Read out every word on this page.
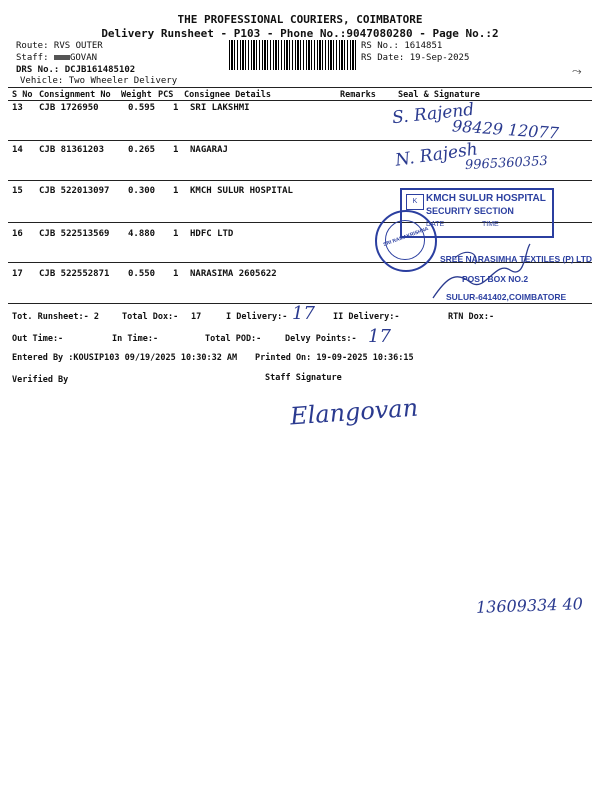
THE PROFESSIONAL COURIERS, COIMBATORE
Delivery Runsheet - P103 - Phone No.:9047080280 - Page No.:2
Route: RVS OUTER
Staff: GOVAN
DRS No.: DCJB161485102
Vehicle: Two Wheeler Delivery
RS No.: 1614851
RS Date: 19-Sep-2025
⤳
S No Consignment No Weight PCS Consignee Details	Remarks	Seal & Signature
13 CJB 1726950	0.595 1 SRI LAKSHMI
14 CJB 81361203	0.265 1 NAGARAJ
15 CJB 522013097 0.300 1 KMCH SULUR HOSPITAL
16 CJB 522513569 4.880 1 HDFC LTD
17 CJB 522552871 0.550 1 NARASIMA 2605622
S. Rajend
98429 12077
N. Rajesh
9965360353
K KMCH SULUR HOSPITAL
SECURITY SECTION
DATE	TIME
SRI RAMAKRISHNA
SREE NARASIMHA TEXTILES (P) LTD
POST BOX NO.2
SULUR-641402,COIMBATORE
Tot. Runsheet:- 2	Total Dox:- 17	I Delivery:- 17 II Delivery:-	RTN Dox:-
Out Time:-	In Time:-	Total POD:-	Delvy Points:- 17
Entered By :KOUSIP103 09/19/2025 10:30:32 AM Printed On: 19-09-2025 10:36:15
Verified By	Staff Signature
Elangovan
13609334 40
